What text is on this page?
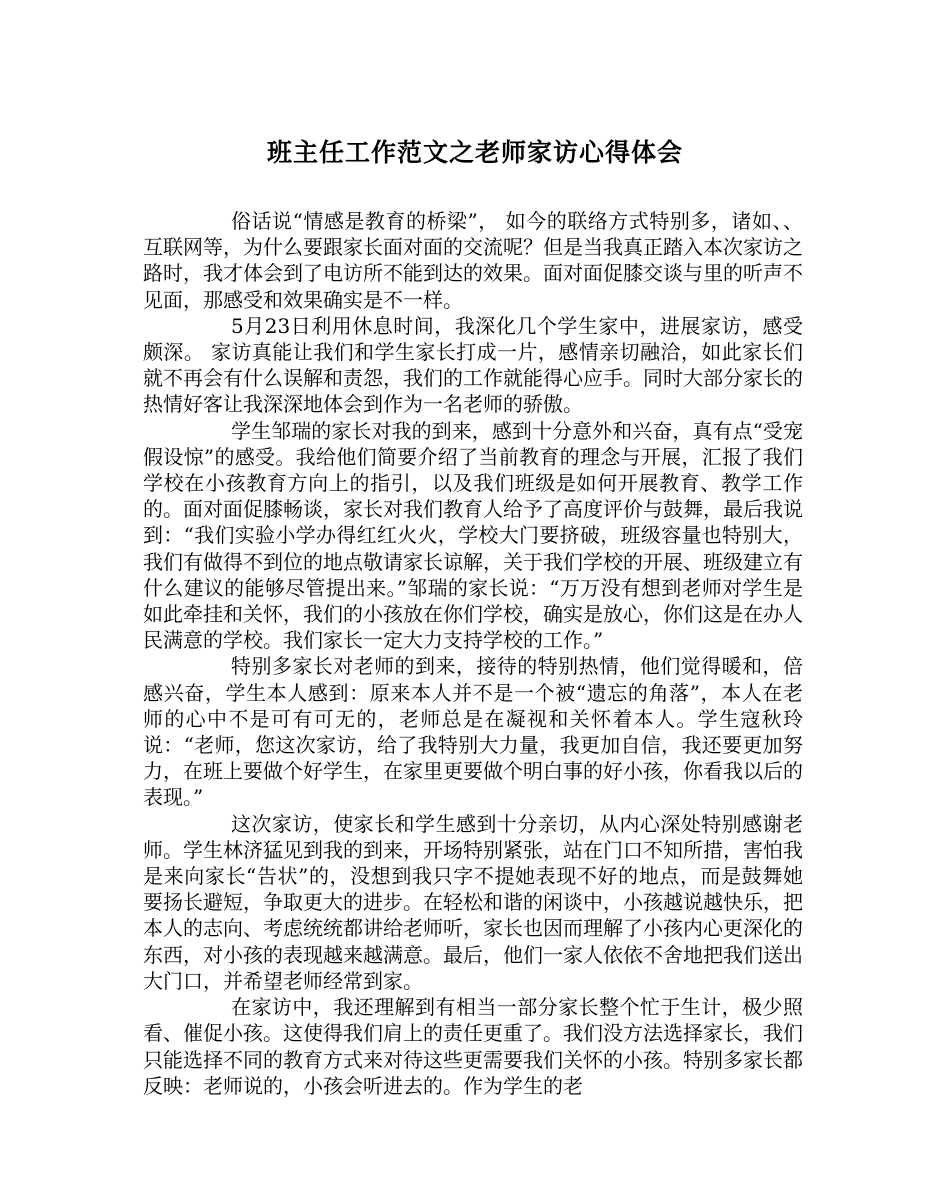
班主任工作范文之老师家访心得体会

俗话说“情感是教育的桥梁”， 如今的联络方式特别多，诸如、、互联网等，为什么要跟家长面对面的交流呢？但是当我真正踏入本次家访之路时，我才体会到了电访所不能到达的效果。面对面促膝交谈与里的听声不见面，那感受和效果确实是不一样。

5月23日利用休息时间，我深化几个学生家中，进展家访，感受颇深。 家访真能让我们和学生家长打成一片，感情亲切融洽，如此家长们就不再会有什么误解和责怨，我们的工作就能得心应手。同时大部分家长的热情好客让我深深地体会到作为一名老师的骄傲。

学生邹瑞的家长对我的到来，感到十分意外和兴奋，真有点“受宠假设惊”的感受。我给他们简要介绍了当前教育的理念与开展，汇报了我们学校在小孩教育方向上的指引，以及我们班级是如何开展教育、教学工作的。面对面促膝畅谈，家长对我们教育人给予了高度评价与鼓舞，最后我说到：“我们实验小学办得红红火火，学校大门要挤破，班级容量也特别大，我们有做得不到位的地点敬请家长谅解，关于我们学校的开展、班级建立有什么建议的能够尽管提出来。”邹瑞的家长说：“万万没有想到老师对学生是如此牵挂和关怀，我们的小孩放在你们学校，确实是放心，你们这是在办人民满意的学校。我们家长一定大力支持学校的工作。”

特别多家长对老师的到来，接待的特别热情，他们觉得暖和，倍感兴奋，学生本人感到：原来本人并不是一个被“遗忘的角落”，本人在老师的心中不是可有可无的，老师总是在凝视和关怀着本人。学生寇秋玲说：“老师，您这次家访，给了我特别大力量，我更加自信，我还要更加努力，在班上要做个好学生，在家里更要做个明白事的好小孩，你看我以后的表现。”

这次家访，使家长和学生感到十分亲切，从内心深处特别感谢老师。学生林济猛见到我的到来，开场特别紧张，站在门口不知所措，害怕我是来向家长“告状”的，没想到我只字不提她表现不好的地点，而是鼓舞她要扬长避短，争取更大的进步。在轻松和谐的闲谈中，小孩越说越快乐，把本人的志向、考虑统统都讲给老师听，家长也因而理解了小孩内心更深化的东西，对小孩的表现越来越满意。最后，他们一家人依依不舍地把我们送出大门口，并希望老师经常到家。

在家访中，我还理解到有相当一部分家长整个忙于生计，极少照看、催促小孩。这使得我们肩上的责任更重了。我们没方法选择家长，我们只能选择不同的教育方式来对待这些更需要我们关怀的小孩。特别多家长都反映：老师说的，小孩会听进去的。作为学生的老
